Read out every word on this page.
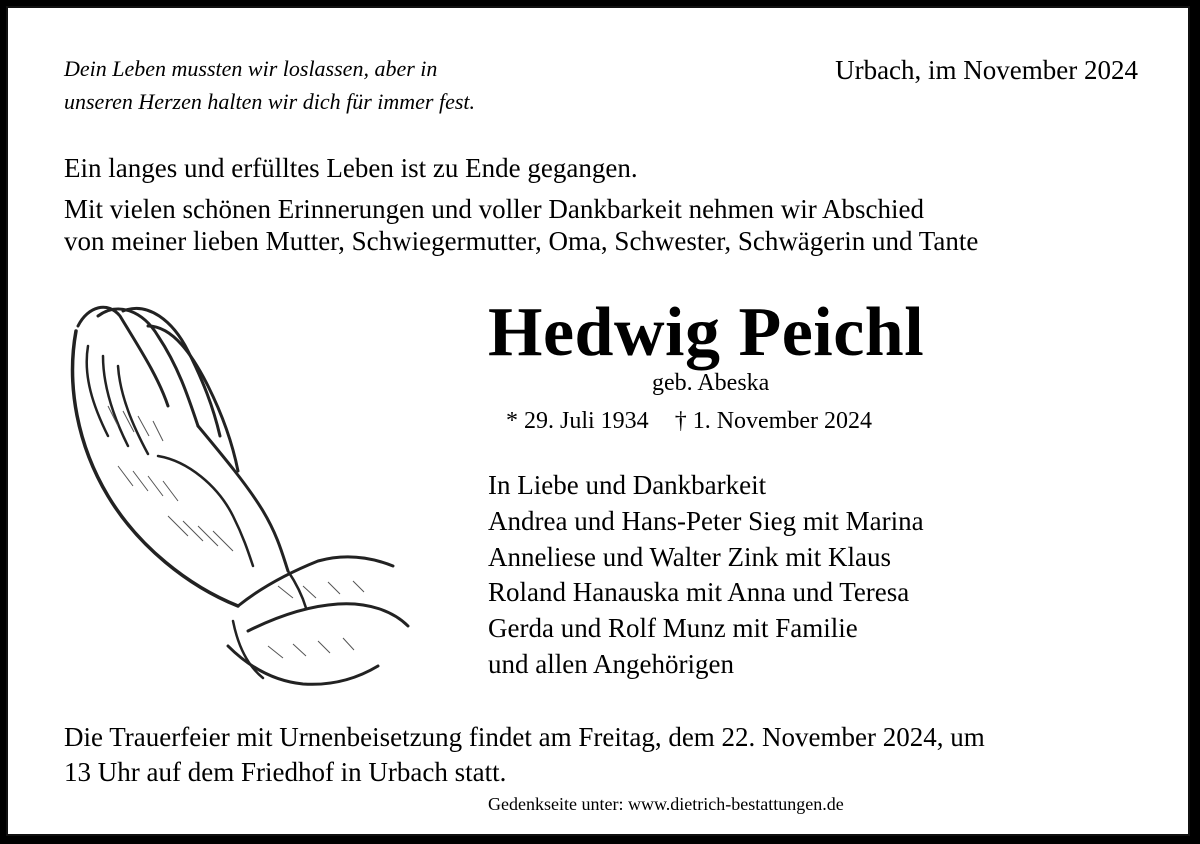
Dein Leben mussten wir loslassen, aber in
unseren Herzen halten wir dich für immer fest.
Urbach, im November 2024
Ein langes und erfülltes Leben ist zu Ende gegangen.
Mit vielen schönen Erinnerungen und voller Dankbarkeit nehmen wir Abschied
von meiner lieben Mutter, Schwiegermutter, Oma, Schwester, Schwägerin und Tante
Hedwig Peichl
geb. Abeska
* 29. Juli 1934 † 1. November 2024
In Liebe und Dankbarkeit
Andrea und Hans-Peter Sieg mit Marina
Anneliese und Walter Zink mit Klaus
Roland Hanauska mit Anna und Teresa
Gerda und Rolf Munz mit Familie
und allen Angehörigen
Die Trauerfeier mit Urnenbeisetzung findet am Freitag, dem 22. November 2024, um
13 Uhr auf dem Friedhof in Urbach statt.
Gedenkseite unter: www.dietrich-bestattungen.de
